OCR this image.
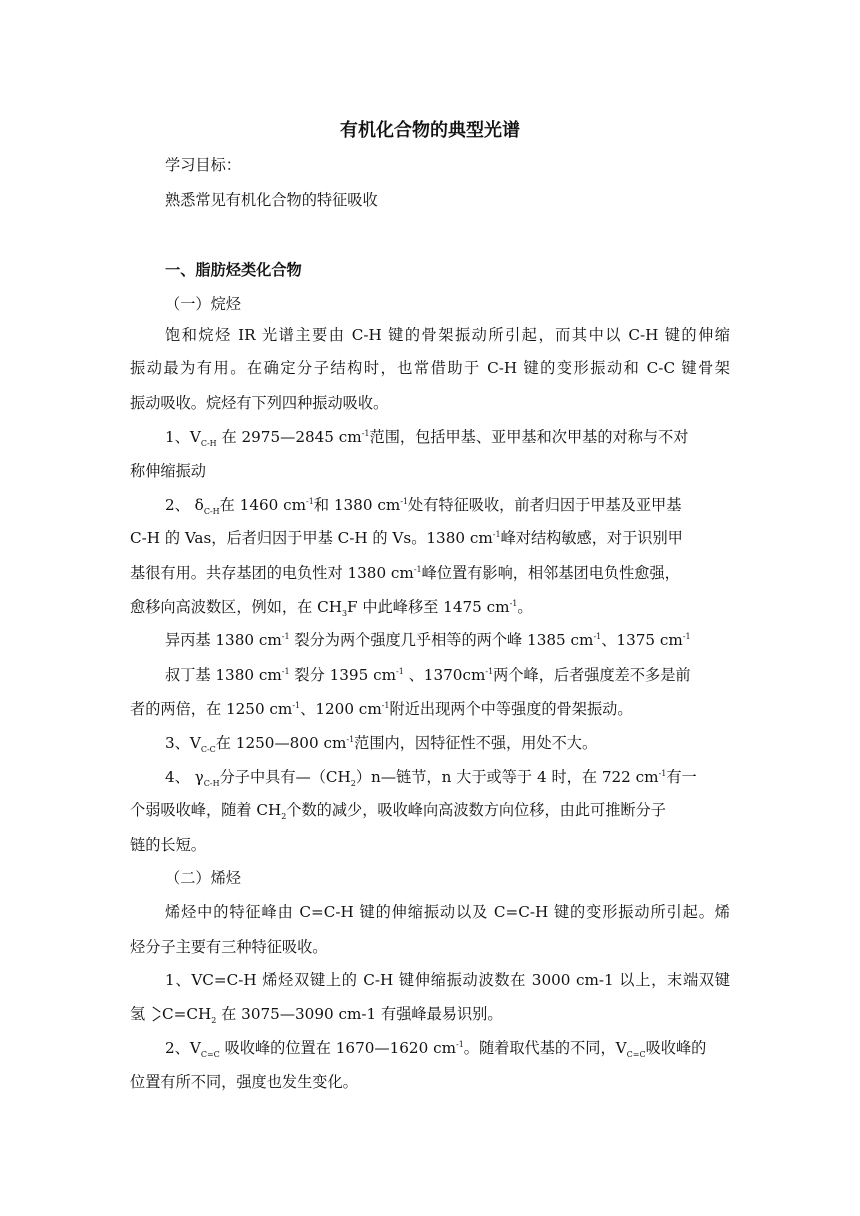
有机化合物的典型光谱
学习目标：
熟悉常见有机化合物的特征吸收
一、脂肪烃类化合物
（一）烷烃
饱和烷烃 IR 光谱主要由 C-H 键的骨架振动所引起，而其中以 C-H 键的伸缩
振动最为有用。在确定分子结构时，也常借助于 C-H 键的变形振动和 C-C 键骨架
振动吸收。烷烃有下列四种振动吸收。
1、$V_{C-H}$ 在 2975—2845 $cm^{-1}$范围，包括甲基、亚甲基和次甲基的对称与不对
称伸缩振动
2、 $\delta_{C-H}$在 1460 $cm^{-1}$和 1380 $cm^{-1}$处有特征吸收，前者归因于甲基及亚甲基
C-H 的 Vas，后者归因于甲基 C-H 的 Vs。1380 $cm^{-1}$峰对结构敏感，对于识别甲
基很有用。共存基团的电负性对 1380 $cm^{-1}$峰位置有影响，相邻基团电负性愈强，
愈移向高波数区，例如，在 $CH_3F$ 中此峰移至 1475 $cm^{-1}$。
异丙基 1380 $cm^{-1}$ 裂分为两个强度几乎相等的两个峰 1385 $cm^{-1}$、1375 $cm^{-1}$
叔丁基 1380 $cm^{-1}$ 裂分 1395 $cm^{-1}$ 、$1370cm^{-1}$两个峰，后者强度差不多是前
者的两倍，在 1250 $cm^{-1}$、1200 $cm^{-1}$附近出现两个中等强度的骨架振动。
3、$V_{C-C}$在 1250—800 $cm^{-1}$范围内，因特征性不强，用处不大。
4、 $\gamma_{C-H}$分子中具有$—(CH_2)n—$链节，n 大于或等于 4 时，在 722 $cm^{-1}$有一
个弱吸收峰，随着 $CH_2$个数的减少，吸收峰向高波数方向位移，由此可推断分子
链的长短。
（二）烯烃
烯烃中的特征峰由 C=C-H 键的伸缩振动以及 C=C-H 键的变形振动所引起。烯
烃分子主要有三种特征吸收。
1、VC=C-H 烯烃双键上的 C-H 键伸缩振动波数在 3000 cm-1 以上，末端双键
氢 $C=CH_2$ 在 3075—3090 cm-1 有强峰最易识别。
2、$V_{C=C}$ 吸收峰的位置在 1670—1620 $cm^{-1}$。随着取代基的不同，$V_{C=C}$吸收峰的
位置有所不同，强度也发生变化。
